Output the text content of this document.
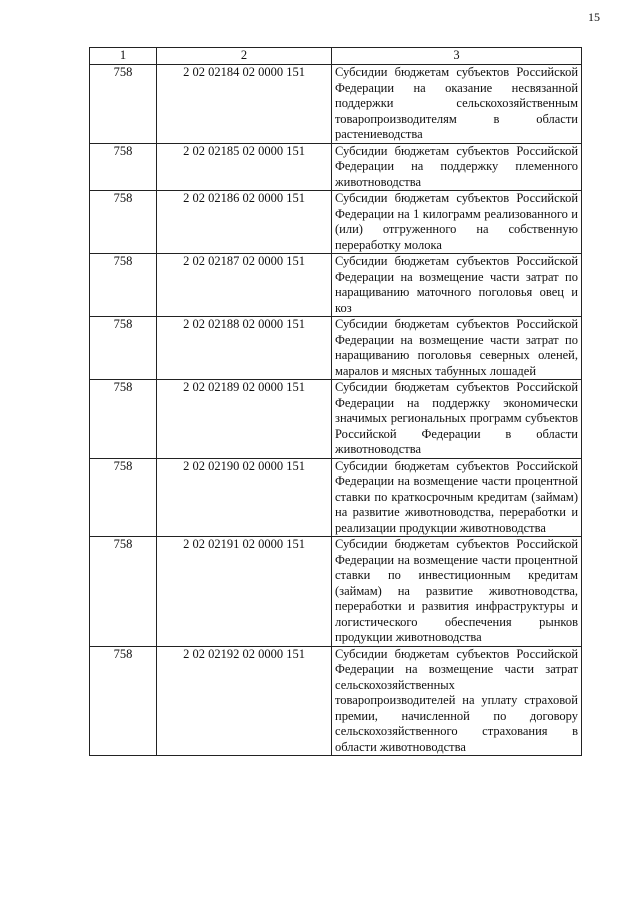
15
1	2	3
758	2 02 02184 02 0000 151	Субсидии бюджетам субъектов Российской Федерации на оказание несвязанной поддержки сельскохозяйственным товаропроизводителям в области растениеводства
758	2 02 02185 02 0000 151	Субсидии бюджетам субъектов Российской Федерации на поддержку племенного животноводства
758	2 02 02186 02 0000 151	Субсидии бюджетам субъектов Российской Федерации на 1 килограмм реализованного и (или) отгруженного на собственную переработку молока
758	2 02 02187 02 0000 151	Субсидии бюджетам субъектов Российской Федерации на возмещение части затрат по наращиванию маточного поголовья овец и коз
758	2 02 02188 02 0000 151	Субсидии бюджетам субъектов Российской Федерации на возмещение части затрат по наращиванию поголовья северных оленей, маралов и мясных табунных лошадей
758	2 02 02189 02 0000 151	Субсидии бюджетам субъектов Российской Федерации на поддержку экономически значимых региональных программ субъектов Российской Федерации в области животноводства
758	2 02 02190 02 0000 151	Субсидии бюджетам субъектов Российской Федерации на возмещение части процентной ставки по краткосрочным кредитам (займам) на развитие животноводства, переработки и реализации продукции животноводства
758	2 02 02191 02 0000 151	Субсидии бюджетам субъектов Российской Федерации на возмещение части процентной ставки по инвестиционным кредитам (займам) на развитие животноводства, переработки и развития инфраструктуры и логистического обеспечения рынков продукции животноводства
758	2 02 02192 02 0000 151	Субсидии бюджетам субъектов Российской Федерации на возмещение части затрат сельскохозяйственных товаропроизводителей на уплату страховой премии, начисленной по договору сельскохозяйственного страхования в области животноводства
